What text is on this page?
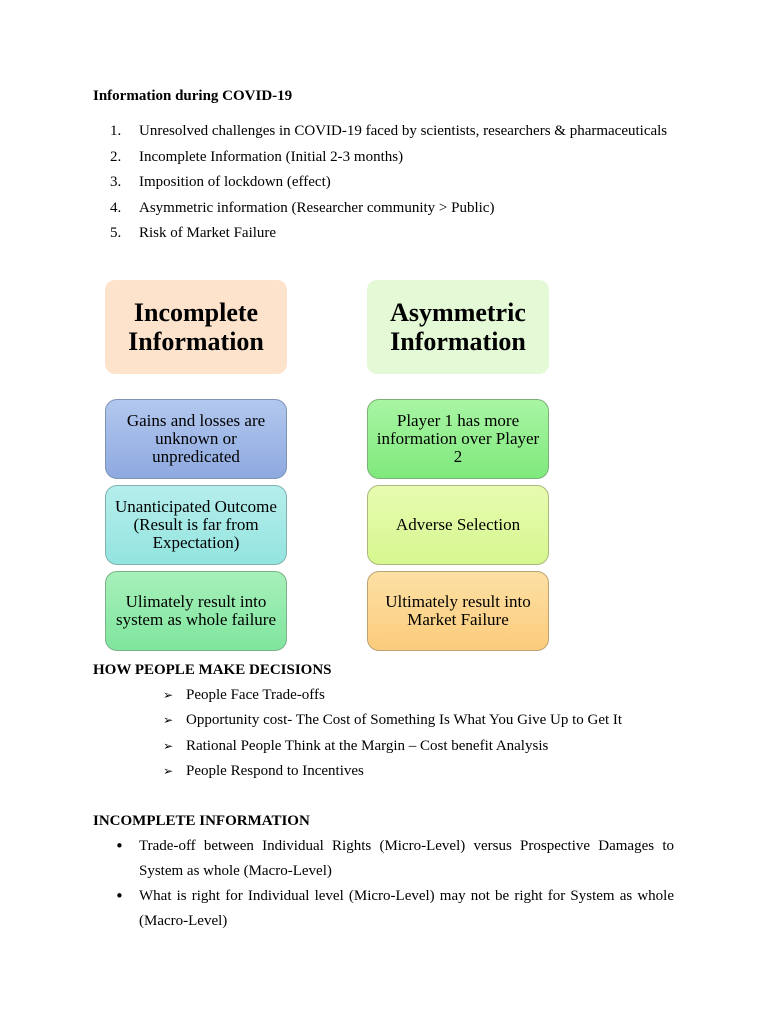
Information during COVID-19
1. Unresolved challenges in COVID-19 faced by scientists, researchers & pharmaceuticals
2. Incomplete Information (Initial 2-3 months)
3. Imposition of lockdown (effect)
4. Asymmetric information (Researcher community > Public)
5. Risk of Market Failure
Incomplete Information
Asymmetric Information
Gains and losses are unknown or unpredicated
Unanticipated Outcome (Result is far from Expectation)
Ulimately result into system as whole failure
Player 1 has more information over Player 2
Adverse Selection
Ultimately result into Market Failure
HOW PEOPLE MAKE DECISIONS
➢ People Face Trade-offs
➢ Opportunity cost- The Cost of Something Is What You Give Up to Get It
➢ Rational People Think at the Margin – Cost benefit Analysis
➢ People Respond to Incentives
INCOMPLETE INFORMATION
• Trade-off between Individual Rights (Micro-Level) versus Prospective Damages to System as whole (Macro-Level)
• What is right for Individual level (Micro-Level) may not be right for System as whole (Macro-Level)
